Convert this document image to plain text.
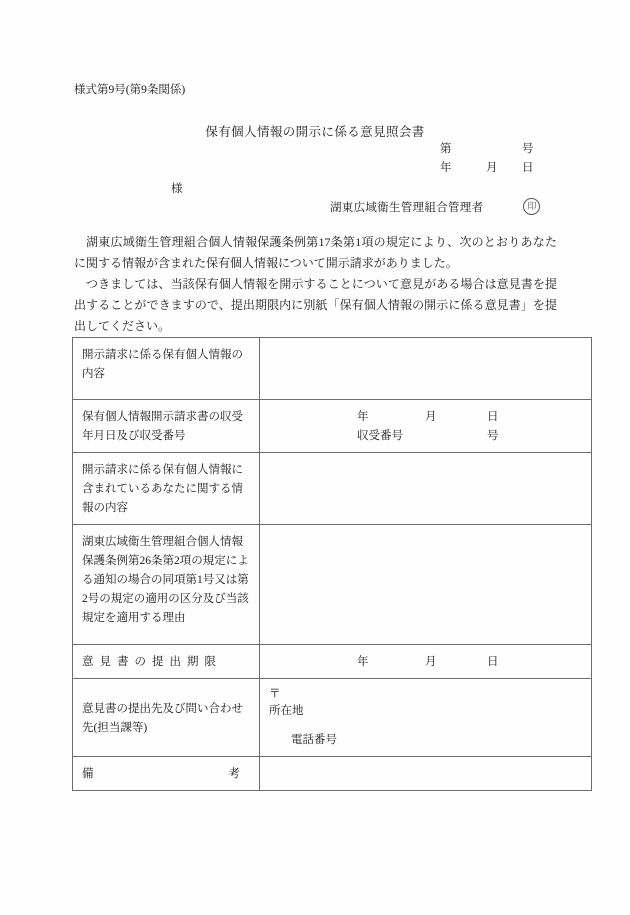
様式第9号(第9条関係)
保有個人情報の開示に係る意見照会書
第	号
年	月	日
様
湖東広域衛生管理組合管理者	印

湖東広域衛生管理組合個人情報保護条例第17条第1項の規定により、次のとおりあなたに関する情報が含まれた保有個人情報について開示請求がありました。

つきましては、当該保有個人情報を開示することについて意見がある場合は意見書を提出することができますので、提出期限内に別紙「保有個人情報の開示に係る意見書」を提出してください。

開示請求に係る保有個人情報の内容	
保有個人情報開示請求書の収受年月日及び収受番号	年 月 日
収受番号 号

開示請求に係る保有個人情報に含まれているあなたに関する情報の内容	
湖東広域衛生管理組合個人情報保護条例第26条第2項の規定による通知の場合の同項第1号又は第2号の規定の適用の区分及び当該規定を適用する理由	
意見書の提出期限	年 月 日

意見書の提出先及び問い合わせ先(担当課等)	〒
所在地
電話番号

備 考	
